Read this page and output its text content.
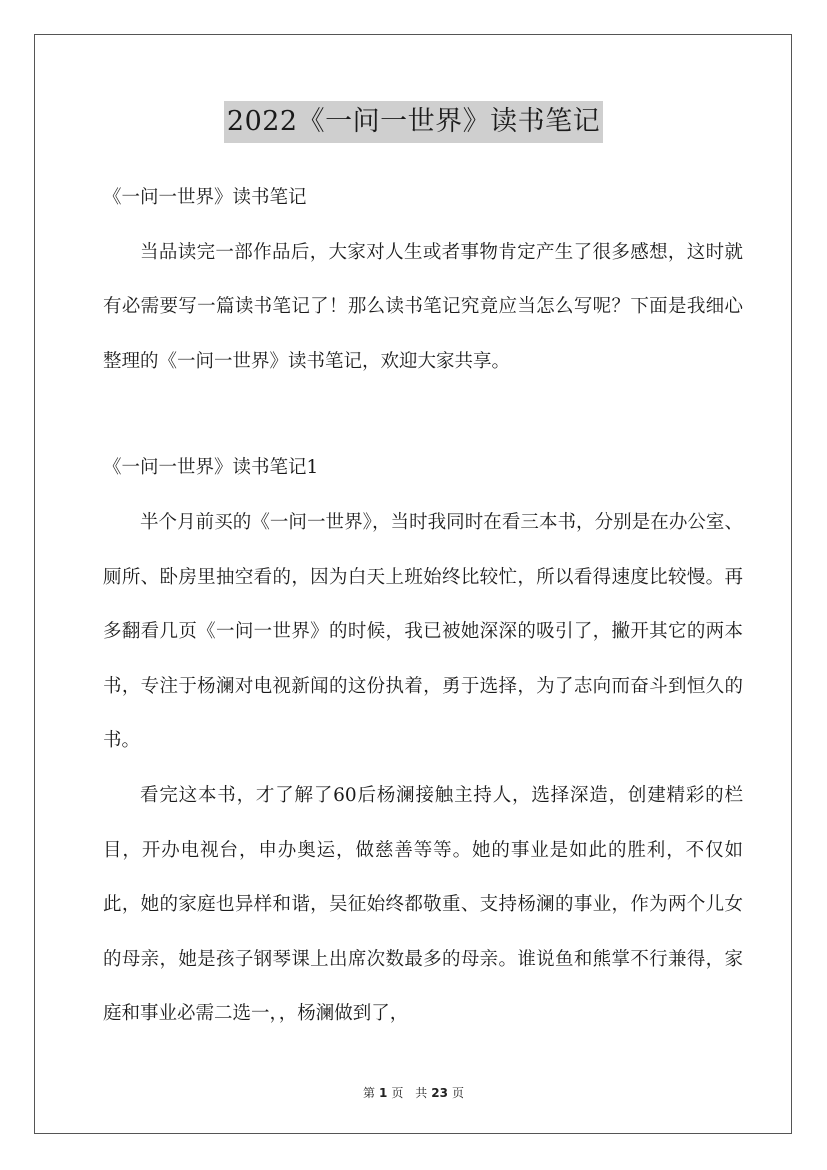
2022《一问一世界》读书笔记

《一问一世界》读书笔记

当品读完一部作品后，大家对人生或者事物肯定产生了很多感想，这时就有必需要写一篇读书笔记了！那么读书笔记究竟应当怎么写呢？下面是我细心整理的《一问一世界》读书笔记，欢迎大家共享。

《一问一世界》读书笔记1

半个月前买的《一问一世界》，当时我同时在看三本书，分别是在办公室、厕所、卧房里抽空看的，因为白天上班始终比较忙，所以看得速度比较慢。再多翻看几页《一问一世界》的时候，我已被她深深的吸引了，撇开其它的两本书，专注于杨澜对电视新闻的这份执着，勇于选择，为了志向而奋斗到恒久的书。

看完这本书，才了解了60后杨澜接触主持人，选择深造，创建精彩的栏目，开办电视台，申办奥运，做慈善等等。她的事业是如此的胜利，不仅如此，她的家庭也异样和谐，吴征始终都敬重、支持杨澜的事业，作为两个儿女的母亲，她是孩子钢琴课上出席次数最多的母亲。谁说鱼和熊掌不行兼得，家庭和事业必需二选一，，杨澜做到了，

第 1 页 共 23 页
